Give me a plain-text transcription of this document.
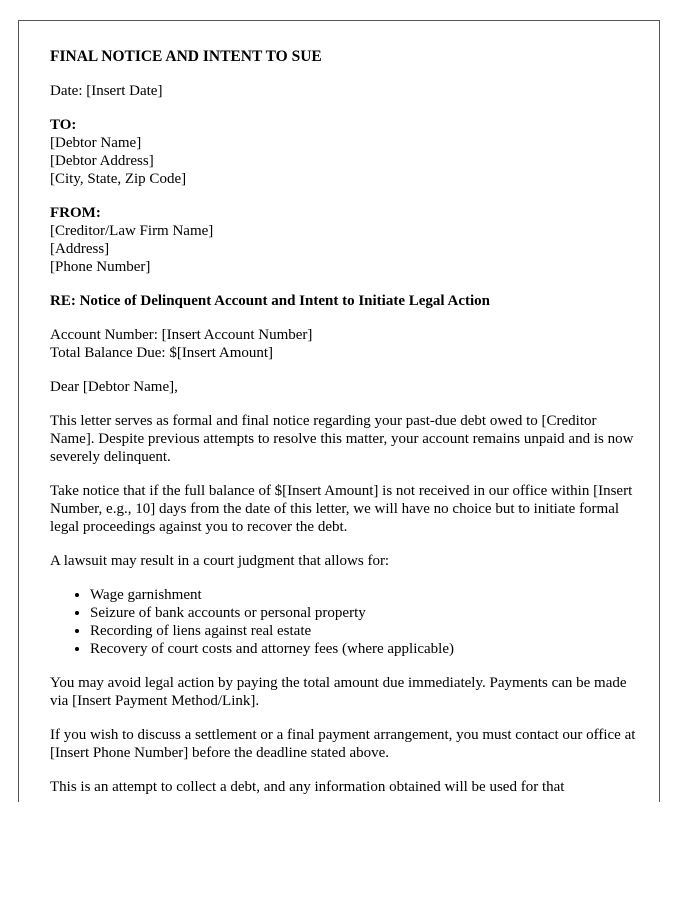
FINAL NOTICE AND INTENT TO SUE
Date: [Insert Date]
TO:
[Debtor Name]
[Debtor Address]
[City, State, Zip Code]
FROM:
[Creditor/Law Firm Name]
[Address]
[Phone Number]
RE: Notice of Delinquent Account and Intent to Initiate Legal Action
Account Number: [Insert Account Number]
Total Balance Due: $[Insert Amount]
Dear [Debtor Name],
This letter serves as formal and final notice regarding your past-due debt owed to [Creditor Name]. Despite previous attempts to resolve this matter, your account remains unpaid and is now severely delinquent.
Take notice that if the full balance of $[Insert Amount] is not received in our office within [Insert Number, e.g., 10] days from the date of this letter, we will have no choice but to initiate formal legal proceedings against you to recover the debt.
A lawsuit may result in a court judgment that allows for:
• Wage garnishment
• Seizure of bank accounts or personal property
• Recording of liens against real estate
• Recovery of court costs and attorney fees (where applicable)
You may avoid legal action by paying the total amount due immediately. Payments can be made via [Insert Payment Method/Link].
If you wish to discuss a settlement or a final payment arrangement, you must contact our office at [Insert Phone Number] before the deadline stated above.
This is an attempt to collect a debt, and any information obtained will be used for that
